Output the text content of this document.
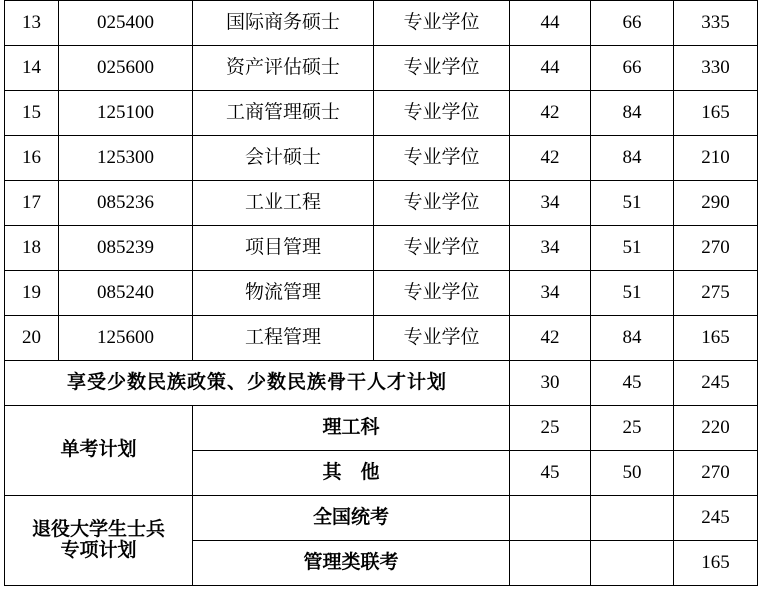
13	025400	国际商务硕士	专业学位	44	66	335
14	025600	资产评估硕士	专业学位	44	66	330
15	125100	工商管理硕士	专业学位	42	84	165
16	125300	会计硕士	专业学位	42	84	210
17	085236	工业工程	专业学位	34	51	290
18	085239	项目管理	专业学位	34	51	270
19	085240	物流管理	专业学位	34	51	275
20	125600	工程管理	专业学位	42	84	165
享受少数民族政策、少数民族骨干人才计划				30	45	245
单考计划		理工科		25	25	220
		其　他		45	50	270

退役大学生士兵
专项计划		全国统考				245
		管理类联考				165
